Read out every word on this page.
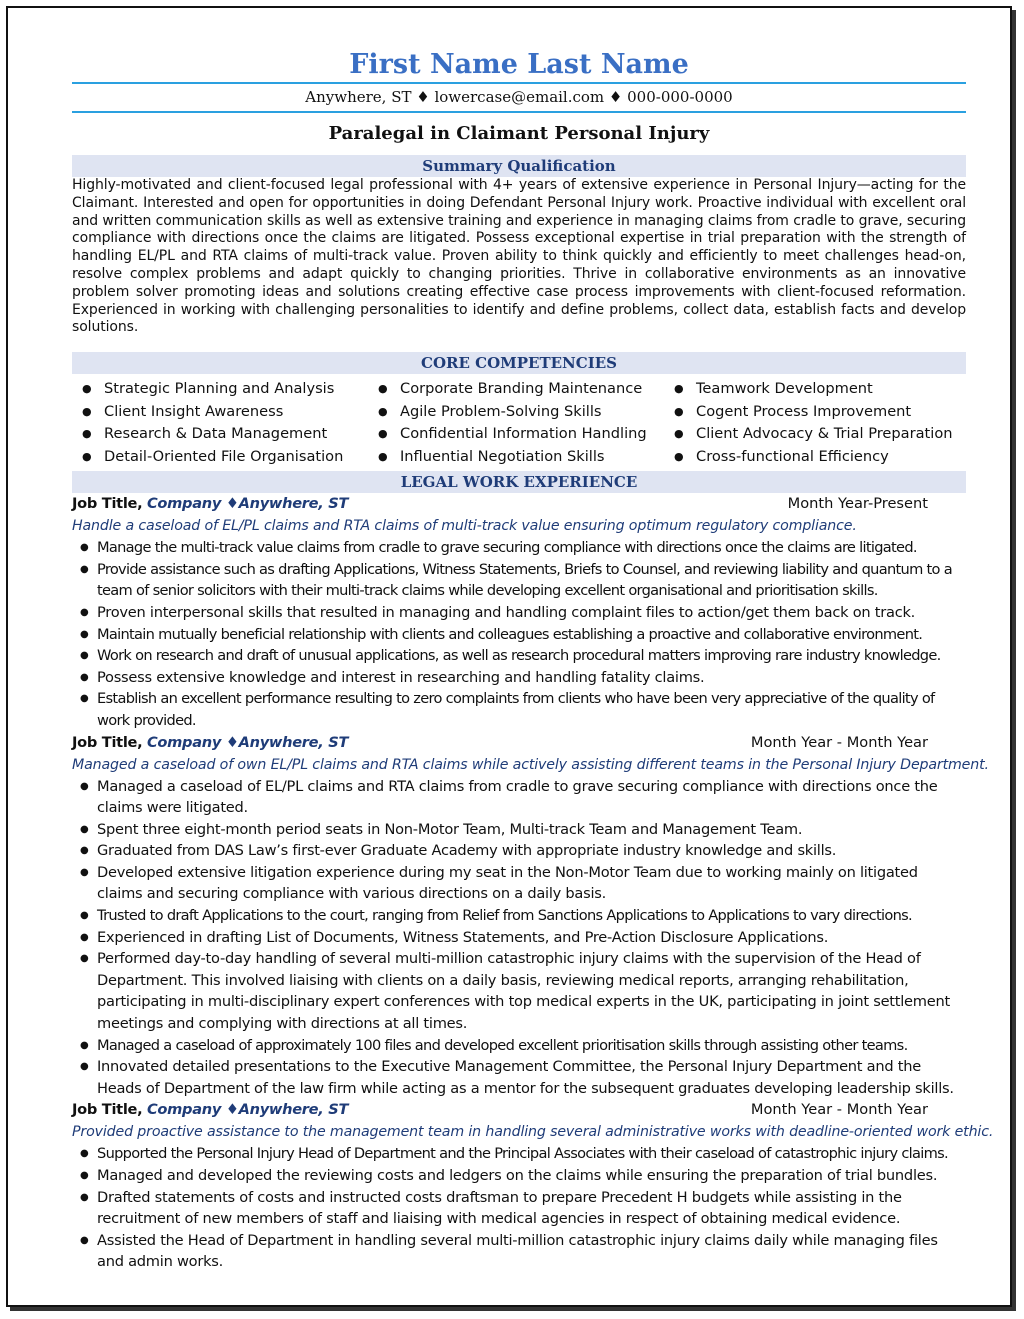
First Name Last Name
Anywhere, ST ♦ lowercase@email.com ♦ 000-000-0000
Paralegal in Claimant Personal Injury
Summary Qualification

Highly-motivated and client-focused legal professional with 4+ years of extensive experience in Personal Injury—acting for the Claimant. Interested and open for opportunities in doing Defendant Personal Injury work. Proactive individual with excellent oral and written communication skills as well as extensive training and experience in managing claims from cradle to grave, securing compliance with directions once the claims are litigated. Possess exceptional expertise in trial preparation with the strength of handling EL/PL and RTA claims of multi-track value. Proven ability to think quickly and efficiently to meet challenges head-on, resolve complex problems and adapt quickly to changing priorities. Thrive in collaborative environments as an innovative problem solver promoting ideas and solutions creating effective case process improvements with client-focused reformation. Experienced in working with challenging personalities to identify and define problems, collect data, establish facts and develop solutions.

CORE COMPETENCIES
● Strategic Planning and Analysis
● Client Insight Awareness
● Research & Data Management
● Detail-Oriented File Organisation
● Corporate Branding Maintenance
● Agile Problem-Solving Skills
● Confidential Information Handling
● Influential Negotiation Skills
● Teamwork Development
● Cogent Process Improvement
● Client Advocacy & Trial Preparation
● Cross-functional Efficiency
LEGAL WORK EXPERIENCE
Job Title, Company ♦Anywhere, ST	Month Year-Present
Handle a caseload of EL/PL claims and RTA claims of multi-track value ensuring optimum regulatory compliance.
● Manage the multi-track value claims from cradle to grave securing compliance with directions once the claims are litigated.
● Provide assistance such as drafting Applications, Witness Statements, Briefs to Counsel, and reviewing liability and quantum to a team of senior solicitors with their multi-track claims while developing excellent organisational and prioritisation skills.
● Proven interpersonal skills that resulted in managing and handling complaint files to action/get them back on track.
● Maintain mutually beneficial relationship with clients and colleagues establishing a proactive and collaborative environment.
● Work on research and draft of unusual applications, as well as research procedural matters improving rare industry knowledge.
● Possess extensive knowledge and interest in researching and handling fatality claims.
● Establish an excellent performance resulting to zero complaints from clients who have been very appreciative of the quality of work provided.
Job Title, Company ♦Anywhere, ST	Month Year - Month Year
Managed a caseload of own EL/PL claims and RTA claims while actively assisting different teams in the Personal Injury Department.
● Managed a caseload of EL/PL claims and RTA claims from cradle to grave securing compliance with directions once the claims were litigated.
● Spent three eight-month period seats in Non-Motor Team, Multi-track Team and Management Team.
● Graduated from DAS Law’s first-ever Graduate Academy with appropriate industry knowledge and skills.
● Developed extensive litigation experience during my seat in the Non-Motor Team due to working mainly on litigated claims and securing compliance with various directions on a daily basis.
● Trusted to draft Applications to the court, ranging from Relief from Sanctions Applications to Applications to vary directions.
● Experienced in drafting List of Documents, Witness Statements, and Pre-Action Disclosure Applications.
● Performed day-to-day handling of several multi-million catastrophic injury claims with the supervision of the Head of Department. This involved liaising with clients on a daily basis, reviewing medical reports, arranging rehabilitation, participating in multi-disciplinary expert conferences with top medical experts in the UK, participating in joint settlement meetings and complying with directions at all times.
● Managed a caseload of approximately 100 files and developed excellent prioritisation skills through assisting other teams.
● Innovated detailed presentations to the Executive Management Committee, the Personal Injury Department and the Heads of Department of the law firm while acting as a mentor for the subsequent graduates developing leadership skills.
Job Title, Company ♦Anywhere, ST	Month Year - Month Year
Provided proactive assistance to the management team in handling several administrative works with deadline-oriented work ethic.
● Supported the Personal Injury Head of Department and the Principal Associates with their caseload of catastrophic injury claims.
● Managed and developed the reviewing costs and ledgers on the claims while ensuring the preparation of trial bundles.
● Drafted statements of costs and instructed costs draftsman to prepare Precedent H budgets while assisting in the recruitment of new members of staff and liaising with medical agencies in respect of obtaining medical evidence.
● Assisted the Head of Department in handling several multi-million catastrophic injury claims daily while managing files and admin works.
